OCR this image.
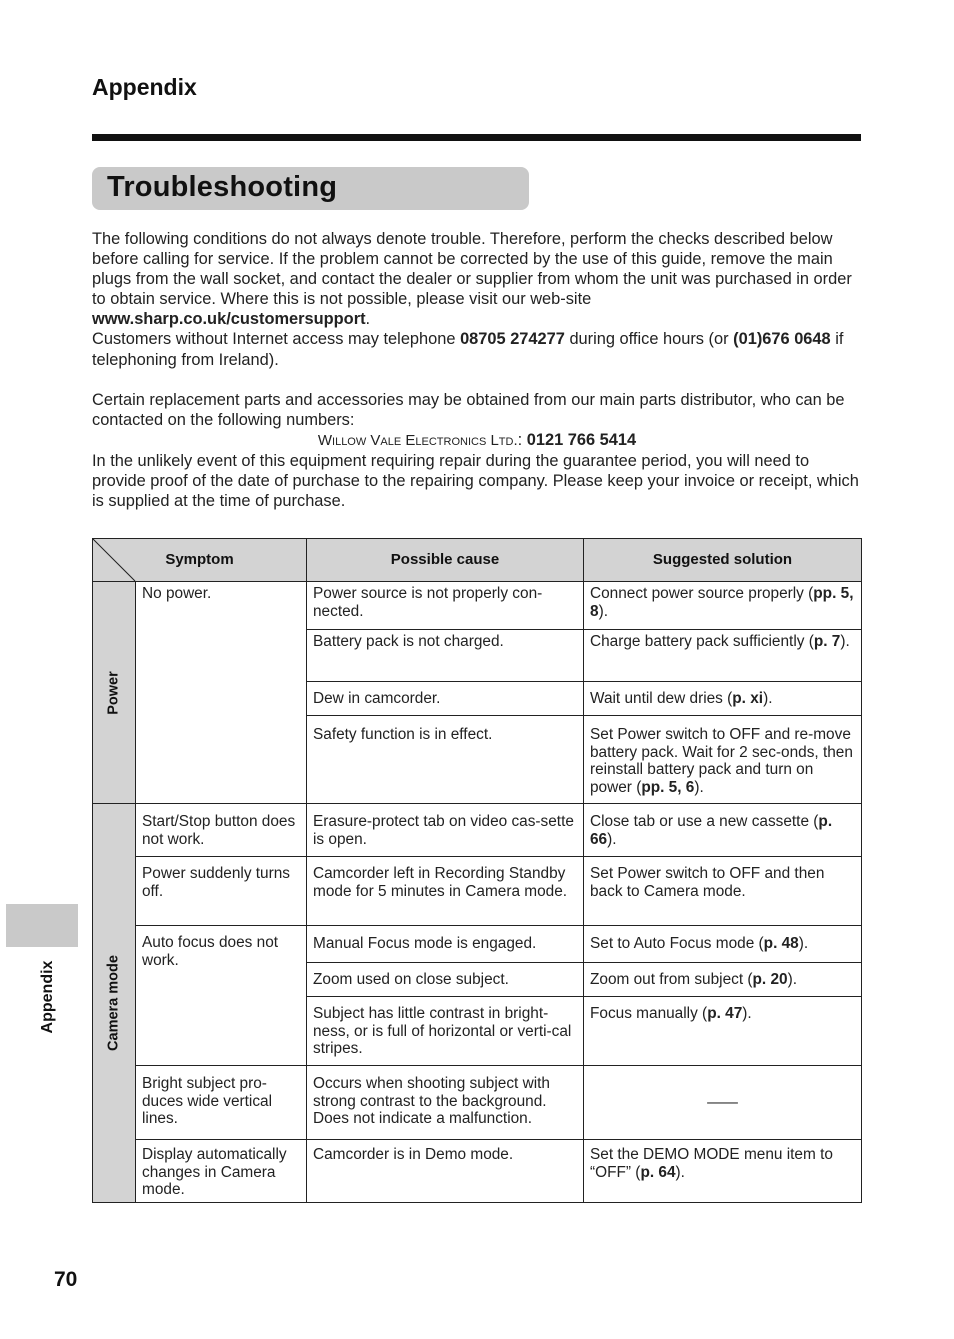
Appendix
Troubleshooting

The following conditions do not always denote trouble. Therefore, perform the checks described below before calling for service. If the problem cannot be corrected by the use of this guide, remove the main plugs from the wall socket, and contact the dealer or supplier from whom the unit was purchased in order to obtain service. Where this is not possible, please visit our web-site www.sharp.co.uk/customersupport.
Customers without Internet access may telephone 08705 274277 during office hours (or (01)676 0648 if telephoning from Ireland).

Certain replacement parts and accessories may be obtained from our main parts distributor, who can be contacted on the following numbers:

Willow Vale Electronics Ltd.: 0121 766 5414

In the unlikely event of this equipment requiring repair during the guarantee period, you will need to provide proof of the date of purchase to the repairing company. Please keep your invoice or receipt, which is supplied at the time of purchase.

Symptom		Possible cause	Suggested solution

Power	No power.	Power source is not properly con-nected.	Connect power source properly (pp. 5, 8).
		Battery pack is not charged.	Charge battery pack sufficiently (p. 7).
		Dew in camcorder.	Wait until dew dries (p. xi).
		Safety function is in effect.	Set Power switch to OFF and re-move battery pack. Wait for 2 sec-onds, then reinstall battery pack and turn on power (pp. 5, 6).

Camera mode	Start/Stop button does not work.	Erasure-protect tab on video cas-sette is open.	Close tab or use a new cassette (p. 66).
	Power suddenly turns off.	Camcorder left in Recording Standby mode for 5 minutes in Camera mode.	Set Power switch to OFF and then back to Camera mode.
	Auto focus does not work.	Manual Focus mode is engaged.	Set to Auto Focus mode (p. 48).
		Zoom used on close subject.	Zoom out from subject (p. 20).
		Subject has little contrast in bright-ness, or is full of horizontal or verti-cal stripes.	Focus manually (p. 47).
	Bright subject pro-duces wide vertical lines.	Occurs when shooting subject with strong contrast to the background. Does not indicate a malfunction.	——
	Display automatically changes in Camera mode.	Camcorder is in Demo mode.	Set the DEMO MODE menu item to “OFF” (p. 64).
Appendix
70
